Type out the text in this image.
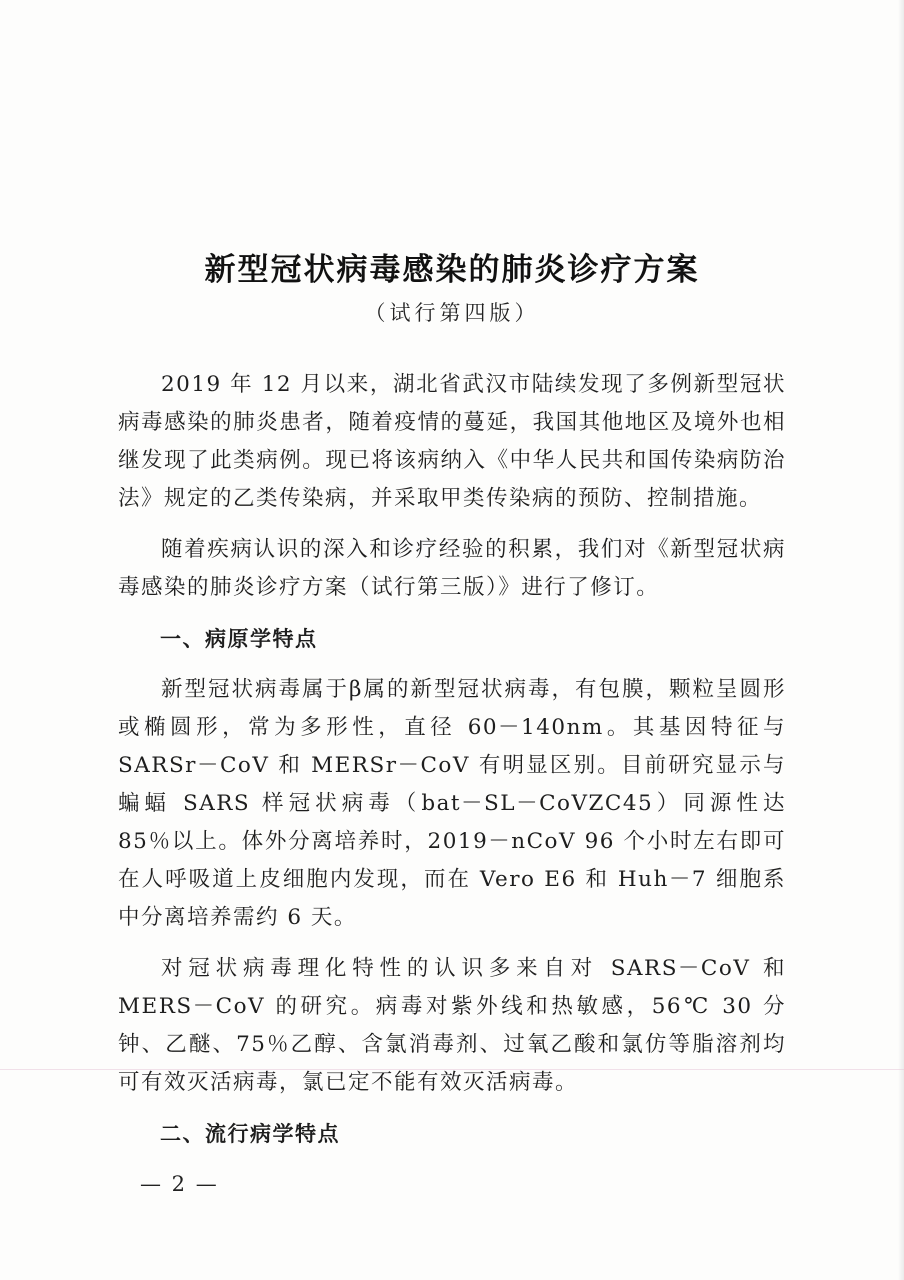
新型冠状病毒感染的肺炎诊疗方案
（试行第四版）

2019 年 12 月以来，湖北省武汉市陆续发现了多例新型冠状病毒感染的肺炎患者，随着疫情的蔓延，我国其他地区及境外也相继发现了此类病例。现已将该病纳入《中华人民共和国传染病防治法》规定的乙类传染病，并采取甲类传染病的预防、控制措施。

随着疾病认识的深入和诊疗经验的积累，我们对《新型冠状病毒感染的肺炎诊疗方案（试行第三版）》进行了修订。

一、病原学特点

新型冠状病毒属于β属的新型冠状病毒，有包膜，颗粒呈圆形或椭圆形，常为多形性，直径 60－140nm。其基因特征与 SARSr－CoV 和 MERSr－CoV 有明显区别。目前研究显示与蝙蝠 SARS 样冠状病毒（bat－SL－CoVZC45）同源性达 85％以上。体外分离培养时，2019－nCoV 96 个小时左右即可在人呼吸道上皮细胞内发现，而在 Vero E6 和 Huh－7 细胞系中分离培养需约 6 天。

对冠状病毒理化特性的认识多来自对 SARS－CoV 和 MERS－CoV 的研究。病毒对紫外线和热敏感，56℃ 30 分钟、乙醚、75％乙醇、含氯消毒剂、过氧乙酸和氯仿等脂溶剂均可有效灭活病毒，氯已定不能有效灭活病毒。

二、流行病学特点
— 2 —
